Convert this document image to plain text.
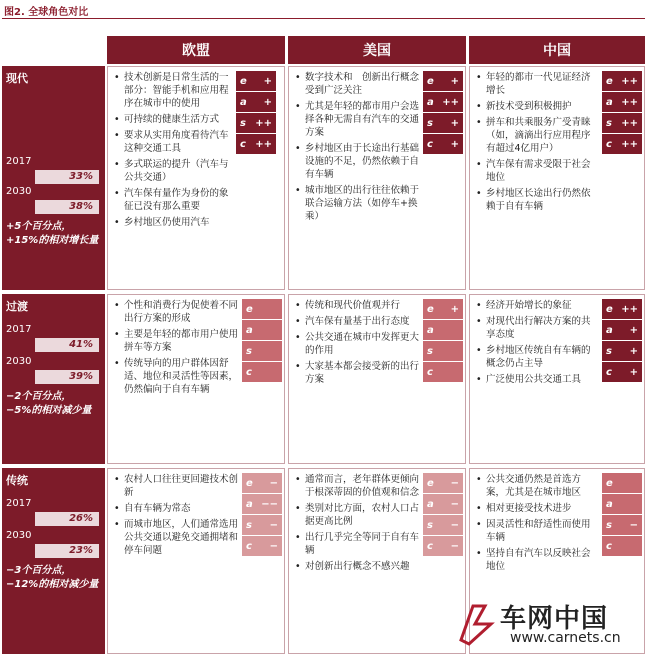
图2. 全球角色对比
欧盟	美国	中国
现代
2017
33%
2030
38%
+5个百分点，
+15%的相对增长量
• 技术创新是日常生活的一部分：智能手机和应用程序在城市中的使用
• 可持续的健康生活方式
• 要求从实用角度看待汽车这种交通工具
• 多式联运的提升（汽车与公共交通）
• 汽车保有量作为身份的象征已没有那么重要
• 乡村地区仍使用汽车
e +
a +
s ++
c ++
• 数字技术和　创新出行概念受到广泛关注
• 尤其是年轻的都市用户会选择各种无需自有汽车的交通方案
• 乡村地区由于长途出行基础设施的不足，仍然依赖于自有车辆
• 城市地区的出行往往依赖于联合运输方法（如停车+换乘）
e +
a ++
s +
c +
• 年轻的都市一代见证经济增长
• 新技术受到积极拥护
• 拼车和共乘服务广受青睐（如，滴滴出行应用程序有超过4亿用户）
• 汽车保有需求受限于社会地位
• 乡村地区长途出行仍然依赖于自有车辆
e ++
a ++
s ++
c ++
过渡
2017
41%
2030
39%
−2个百分点，
−5%的相对减少量
• 个性和消费行为促使着不同出行方案的形成
• 主要是年轻的都市用户使用拼车等方案
• 传统导向的用户群体因舒适、地位和灵活性等因素，仍然偏向于自有车辆
e
a
s
c
• 传统和现代价值观并行
• 汽车保有量基于出行态度
• 公共交通在城市中发挥更大的作用
• 大家基本都会接受新的出行方案
e +
a
s
c
• 经济开始增长的象征
• 对现代出行解决方案的共享态度
• 乡村地区传统自有车辆的概念仍占主导
• 广泛使用公共交通工具
e ++
a +
s +
c +
传统
2017
26%
2030
23%
−3个百分点，
−12%的相对减少量
• 农村人口往往更回避技术创新
• 自有车辆为常态
• 而城市地区，人们通常选用公共交通以避免交通拥堵和停车问题
e −
a −−
s −
c −
• 通常而言，老年群体更倾向于根深蒂固的价值观和信念
• 类别对比方面，农村人口占据更高比例
• 出行几乎完全等同于自有车辆
• 对创新出行概念不感兴趣
e −
a −
s −
c −
• 公共交通仍然是首选方案，尤其是在城市地区
• 相对更接受技术进步
• 因灵活性和舒适性而使用车辆
• 坚持自有汽车以反映社会地位
e
a
s −
c
车网中国
www.carnets.cn
